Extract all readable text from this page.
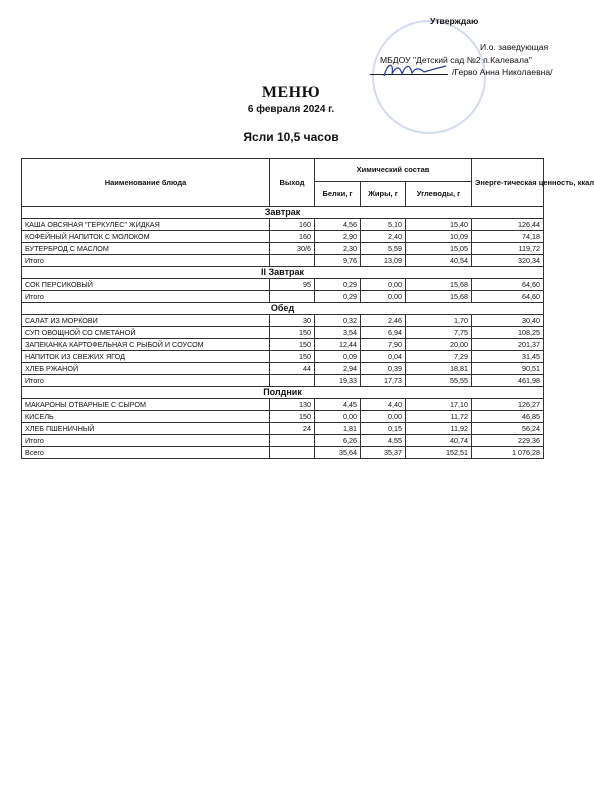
Утверждаю
И.о. заведующая
МБДОУ "Детский сад №2 п.Калевала"
/Герво Анна Николаевна/
МЕНЮ
6 февраля 2024 г.
Ясли 10,5 часов
Наименование блюда	Выход	Химический состав			Энерге-тическая ценность, ккал
		Белки, г	Жиры, г	Углеводы, г	
Завтрак					
КАША ОВСЯНАЯ "ГЕРКУЛЕС" ЖИДКАЯ	160	4,56	5,10	15,40	126,44
КОФЕЙНЫЙ НАПИТОК С МОЛОКОМ	160	2,90	2,40	10,09	74,18
БУТЕРБРОД С МАСЛОМ	30/6	2,30	5,59	15,05	119,72
Итого		9,76	13,09	40,54	320,34
II Завтрак					
СОК ПЕРСИКОВЫЙ	95	0,29	0,00	15,68	64,60
Итого		0,29	0,00	15,68	64,60
Обед					
САЛАТ ИЗ МОРКОВИ	30	0,32	2,46	1,70	30,40
СУП ОВОЩНОЙ СО СМЕТАНОЙ	150	3,54	6,94	7,75	108,25
ЗАПЕКАНКА КАРТОФЕЛЬНАЯ С РЫБОЙ И СОУСОМ	150	12,44	7,90	20,00	201,37
НАПИТОК ИЗ СВЕЖИХ ЯГОД	150	0,09	0,04	7,29	31,45
ХЛЕБ РЖАНОЙ	44	2,94	0,39	18,81	90,51
Итого		19,33	17,73	55,55	461,98
Полдник					
МАКАРОНЫ ОТВАРНЫЕ С СЫРОМ	130	4,45	4,40	17,10	126,27
КИСЕЛЬ	150	0,00	0,00	11,72	46,85
ХЛЕБ ПШЕНИЧНЫЙ	24	1,81	0,15	11,92	56,24
Итого		6,26	4,55	40,74	229,36
Всего		35,64	35,37	152,51	1 076,28
